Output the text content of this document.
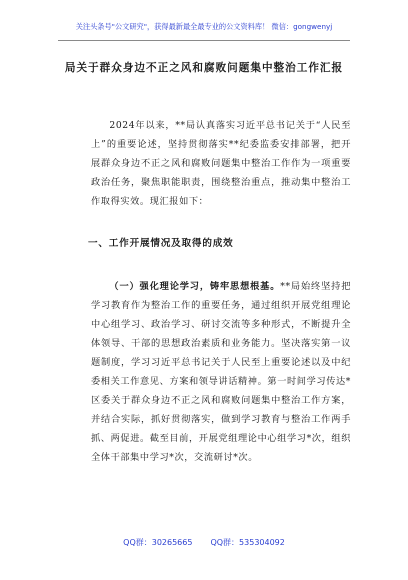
关注头条号"公文研究"，获得最新最全最专业的公文资料库！ 微信：gongwenyj
局关于群众身边不正之风和腐败问题集中整治工作汇报

2024年以来，**局认真落实习近平总书记关于“人民至上”的重要论述，坚持贯彻落实**纪委监委安排部署，把开展群众身边不正之风和腐败问题集中整治工作作为一项重要政治任务，聚焦职能职责，围绕整治重点，推动集中整治工作取得实效。现汇报如下：

一、工作开展情况及取得的成效

（一）强化理论学习，铸牢思想根基。**局始终坚持把学习教育作为整治工作的重要任务，通过组织开展党组理论中心组学习、政治学习、研讨交流等多种形式，不断提升全体领导、干部的思想政治素质和业务能力。坚决落实第一议题制度，学习习近平总书记关于人民至上重要论述以及中纪委相关工作意见、方案和领导讲话精神。第一时间学习传达*区委关于群众身边不正之风和腐败问题集中整治工作方案，并结合实际，抓好贯彻落实，做到学习教育与整治工作两手抓、两促进。截至目前，开展党组理论中心组学习*次，组织全体干部集中学习*次，交流研讨*次。

QQ群：30265665 QQ群：535304092
